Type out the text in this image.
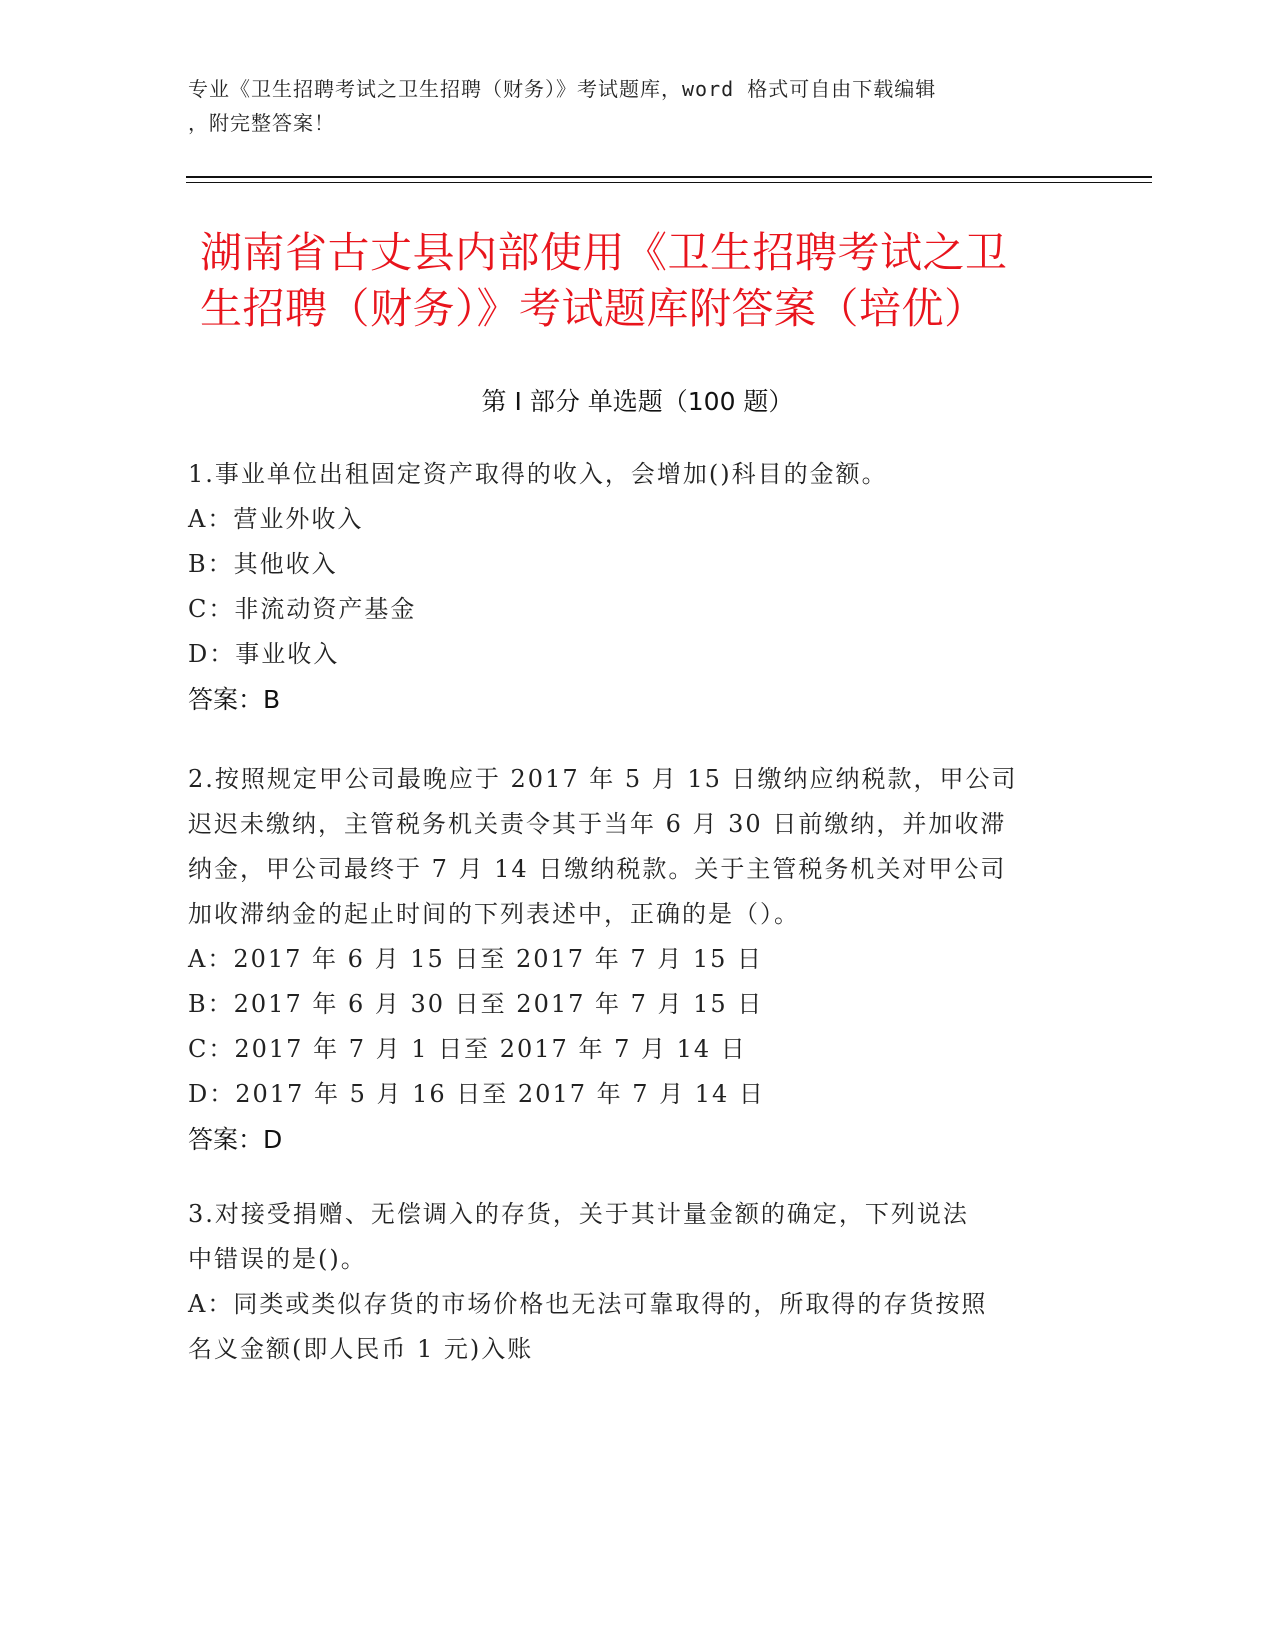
专业《卫生招聘考试之卫生招聘（财务）》考试题库，word 格式可自由下载编辑
，附完整答案！
湖南省古丈县内部使用《卫生招聘考试之卫
生招聘（财务）》考试题库附答案（培优）
第 I 部分 单选题（100 题）
1.事业单位出租固定资产取得的收入，会增加()科目的金额。
A：营业外收入
B：其他收入
C：非流动资产基金
D：事业收入
答案：B
2.按照规定甲公司最晚应于 2017 年 5 月 15 日缴纳应纳税款，甲公司
迟迟未缴纳，主管税务机关责令其于当年 6 月 30 日前缴纳，并加收滞
纳金，甲公司最终于 7 月 14 日缴纳税款。关于主管税务机关对甲公司
加收滞纳金的起止时间的下列表述中，正确的是（）。
A：2017 年 6 月 15 日至 2017 年 7 月 15 日
B：2017 年 6 月 30 日至 2017 年 7 月 15 日
C：2017 年 7 月 1 日至 2017 年 7 月 14 日
D：2017 年 5 月 16 日至 2017 年 7 月 14 日
答案：D
3.对接受捐赠、无偿调入的存货，关于其计量金额的确定，下列说法
中错误的是()。
A：同类或类似存货的市场价格也无法可靠取得的，所取得的存货按照
名义金额(即人民币 1 元)入账
